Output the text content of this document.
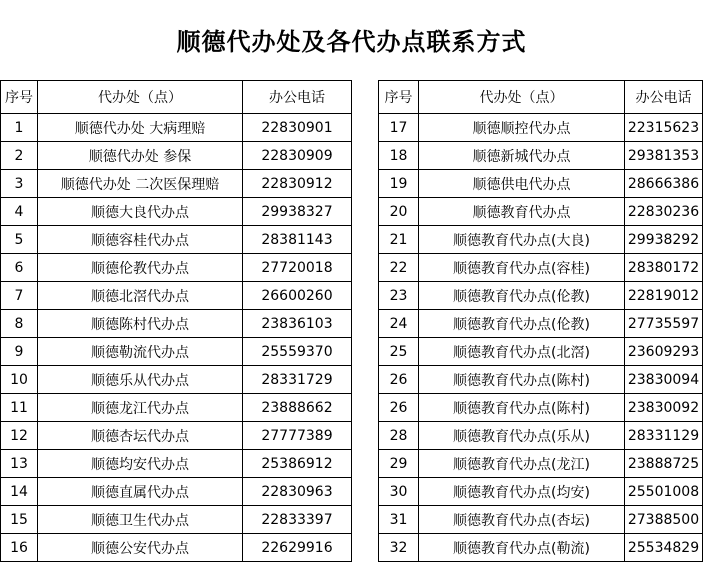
顺德代办处及各代办点联系方式
序号	代办处（点）	办公电话
1	顺德代办处 大病理赔	22830901
2	顺德代办处 参保	22830909
3	顺德代办处 二次医保理赔	22830912
4	顺德大良代办点	29938327
5	顺德容桂代办点	28381143
6	顺德伦教代办点	27720018
7	顺德北滘代办点	26600260
8	顺德陈村代办点	23836103
9	顺德勒流代办点	25559370
10	顺德乐从代办点	28331729
11	顺德龙江代办点	23888662
12	顺德杏坛代办点	27777389
13	顺德均安代办点	25386912
14	顺德直属代办点	22830963
15	顺德卫生代办点	22833397
16	顺德公安代办点	22629916
序号	代办处（点）	办公电话
17	顺德顺控代办点	22315623
18	顺德新城代办点	29381353
19	顺德供电代办点	28666386
20	顺德教育代办点	22830236
21	顺德教育代办点(大良)	29938292
22	顺德教育代办点(容桂)	28380172
23	顺德教育代办点(伦教)	22819012
24	顺德教育代办点(伦教)	27735597
25	顺德教育代办点(北滘)	23609293
26	顺德教育代办点(陈村)	23830094
26	顺德教育代办点(陈村)	23830092
28	顺德教育代办点(乐从)	28331129
29	顺德教育代办点(龙江)	23888725
30	顺德教育代办点(均安)	25501008
31	顺德教育代办点(杏坛)	27388500
32	顺德教育代办点(勒流)	25534829
